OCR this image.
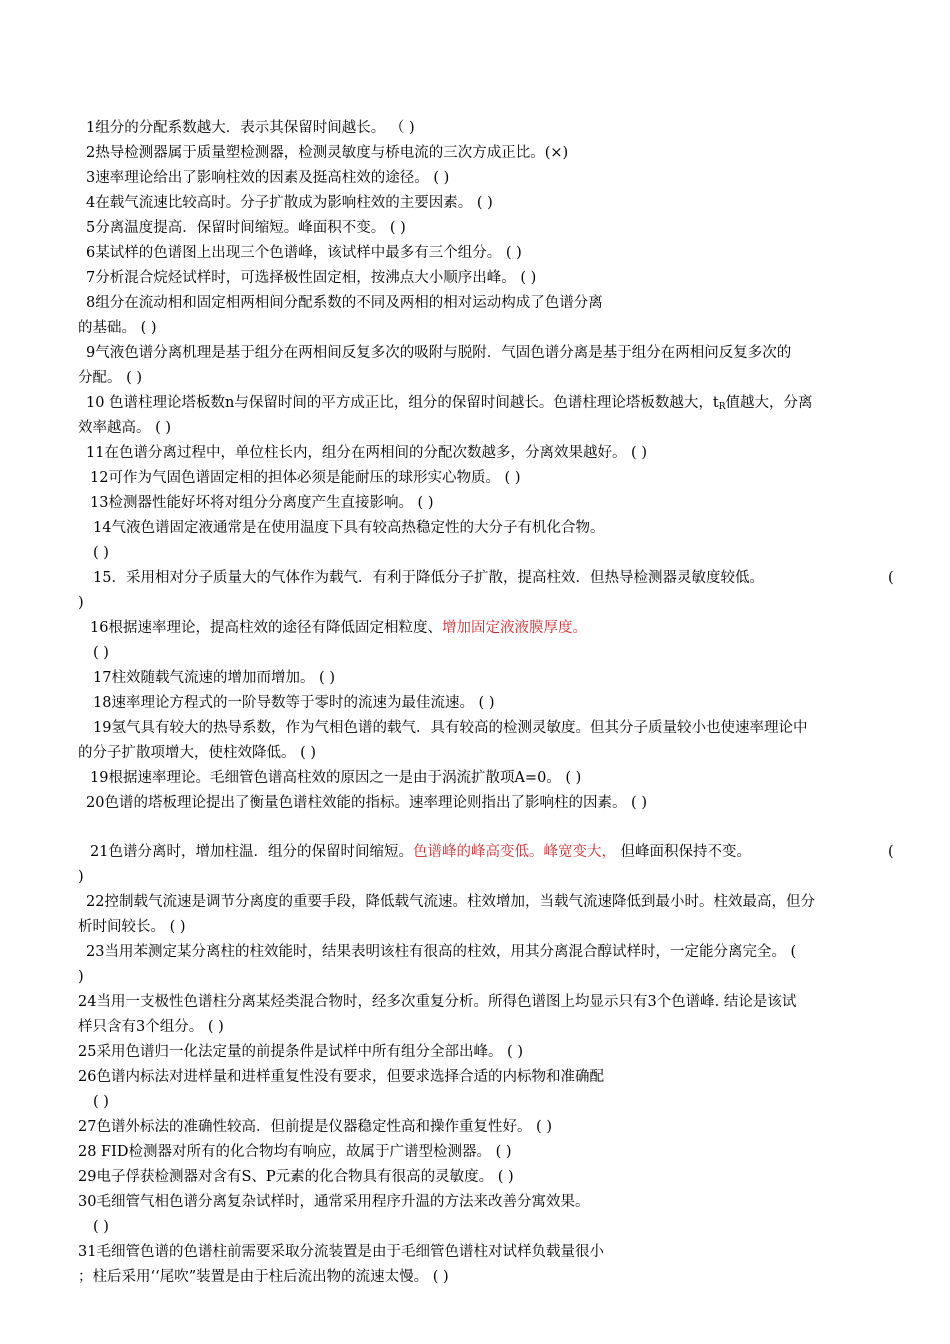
1组分的分配系数越大．表示其保留时间越长。 （ )
2热导检测器属于质量塑检测器，检测灵敏度与桥电流的三次方成正比。(×)
3速率理论给出了影响柱效的因素及挺高柱效的途径。 ( )
4在载气流速比较高时。分子扩散成为影响柱效的主要因素。 ( )
5分离温度提高．保留时间缩短。峰面积不变。 ( )
6某试样的色谱图上出现三个色谱峰，该试样中最多有三个组分。 ( )
7分析混合烷烃试样时，可选择极性固定相，按沸点大小顺序出峰。 ( )
8组分在流动相和固定相两相间分配系数的不同及两相的相对运动构成了色谱分离
的基础。 ( )
9气液色谱分离机理是基于组分在两相间反复多次的吸附与脱附．气固色谱分离是基于组分在两相问反复多次的
分配。 ( )
10 色谱柱理论塔板数n与保留时间的平方成正比，组分的保留时间越长。色谱柱理论塔板数越大，$t_R$值越大，分离
效率越高。 ( )
11在色谱分离过程中，单位柱长内，组分在两相间的分配次数越多，分离效果越好。 ( )
12可作为气固色谱固定相的担体必须是能耐压的球形实心物质。 ( )
13检测器性能好坏将对组分分离度产生直接影响。 ( )
14气液色谱固定液通常是在使用温度下具有较高热稳定性的大分子有机化合物。
( )
15．采用相对分子质量大的气体作为载气．有利于降低分子扩散，提高柱效．但热导检测器灵敏度较低。	(
)
16根据速率理论，提高柱效的途径有降低固定相粒度、增加固定液液膜厚度。
( )
17柱效随载气流速的增加而增加。 ( )
18速率理论方程式的一阶导数等于零时的流速为最佳流速。 ( )
19氢气具有较大的热导系数，作为气相色谱的载气．具有较高的检测灵敏度。但其分子质量较小也使速率理论中
的分子扩散项增大，使柱效降低。 ( )
19根据速率理论。毛细管色谱高柱效的原因之一是由于涡流扩散项A=0。 ( )
20色谱的塔板理论提出了衡量色谱柱效能的指标。速率理论则指出了影响柱的因素。 ( )
21色谱分离时，增加柱温．组分的保留时间缩短。色谱峰的峰高变低。峰宽变大， 但峰面积保持不变。	(
)
22控制载气流速是调节分离度的重要手段，降低载气流速。柱效增加，当载气流速降低到最小时。柱效最高，但分
析时间较长。 ( )
23当用苯测定某分离柱的柱效能时，结果表明该柱有很高的柱效，用其分离混合醇试样时，一定能分离完全。 (
)
24当用一支极性色谱柱分离某烃类混合物时，经多次重复分析。所得色谱图上均显示只有3个色谱峰. 结论是该试
样只含有3个组分。 ( )
25采用色谱归一化法定量的前提条件是试样中所有组分全部出峰。 ( )
26色谱内标法对进样量和进样重复性没有要求，但要求选择合适的内标物和准确配
( )
27色谱外标法的准确性较高．但前提是仪器稳定性高和操作重复性好。 ( )
28 FID检测器对所有的化合物均有响应，故属于广谱型检测器。 ( )
29电子俘获检测器对含有S、P元素的化合物具有很高的灵敏度。 ( )
30毛细管气相色谱分离复杂试样时，通常采用程序升温的方法来改善分寓效果。
( )
31毛细管色谱的色谱柱前需要采取分流装置是由于毛细管色谱柱对试样负载量很小
；柱后采用‘‘尾吹”装置是由于柱后流出物的流速太慢。 ( )
